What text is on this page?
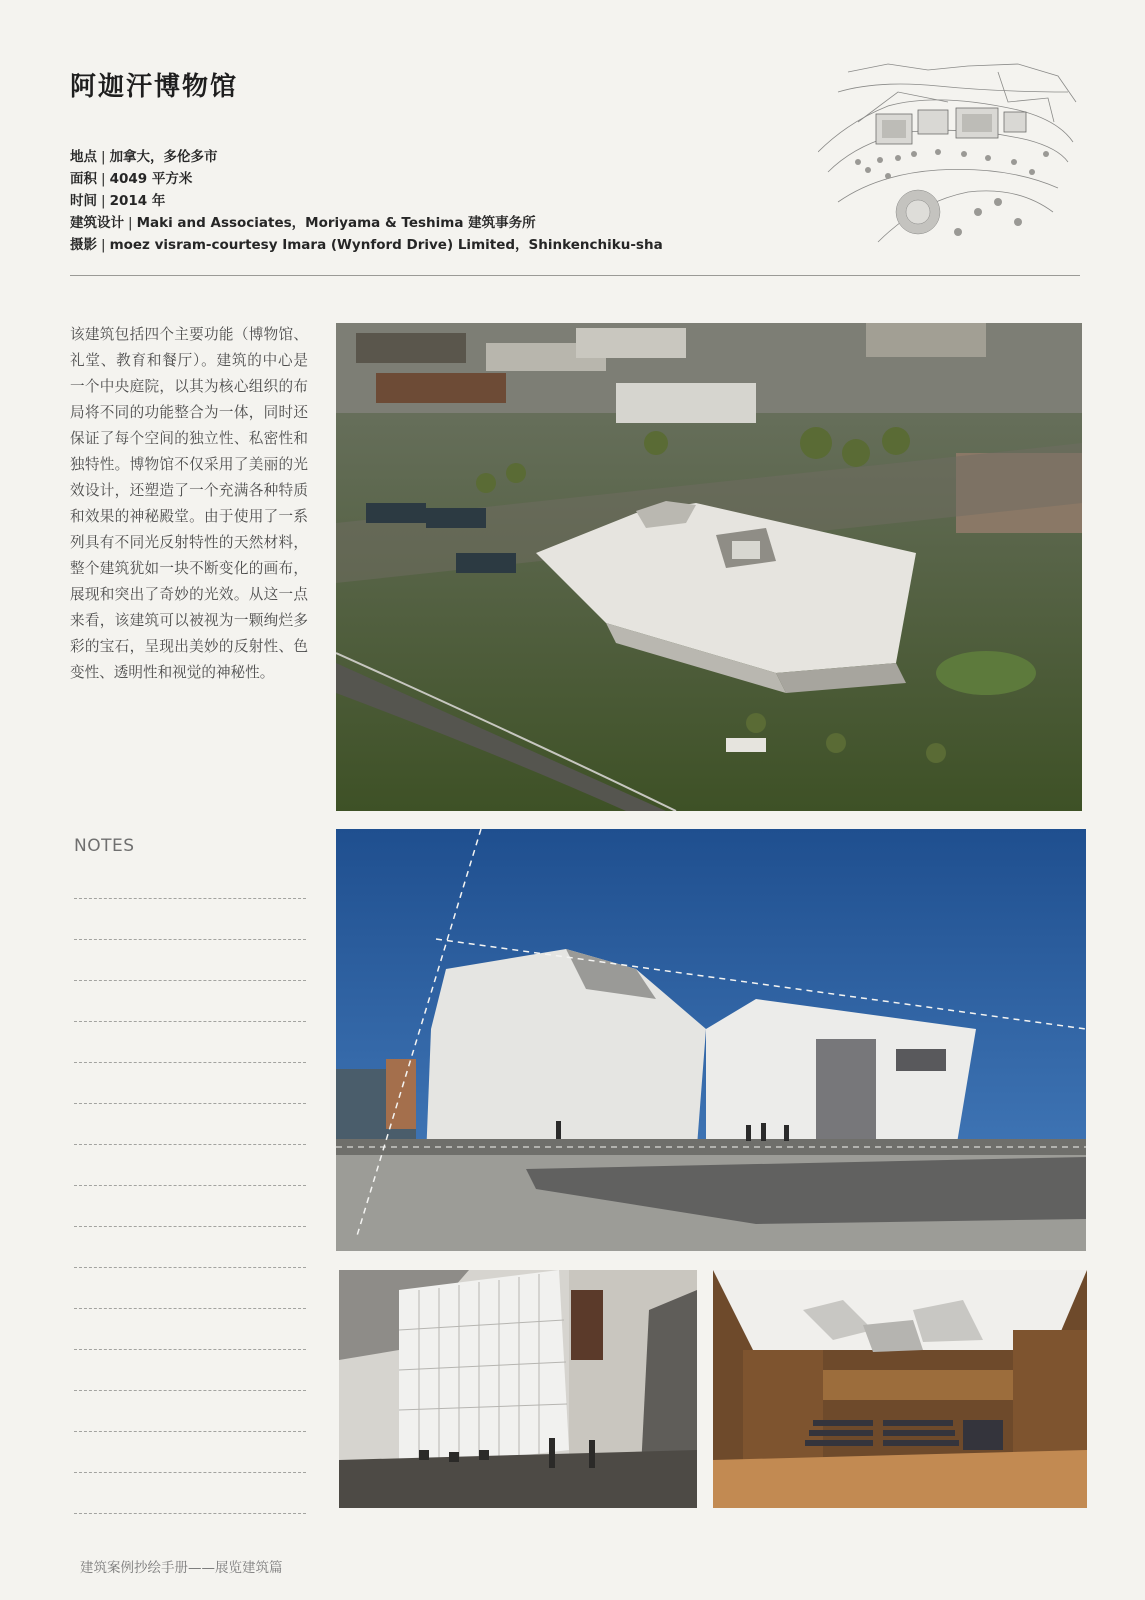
阿迦汗博物馆
地点 | 加拿大，多伦多市
面积 | 4049 平方米
时间 | 2014 年
建筑设计 | Maki and Associates，Moriyama & Teshima 建筑事务所
摄影 | moez visram-courtesy Imara (Wynford Drive) Limited，Shinkenchiku-sha
该建筑包括四个主要功能（博物馆、礼堂、教育和餐厅）。建筑的中心是一个中央庭院，以其为核心组织的布局将不同的功能整合为一体，同时还保证了每个空间的独立性、私密性和独特性。博物馆不仅采用了美丽的光效设计，还塑造了一个充满各种特质和效果的神秘殿堂。由于使用了一系列具有不同光反射特性的天然材料，整个建筑犹如一块不断变化的画布，展现和突出了奇妙的光效。从这一点来看，该建筑可以被视为一颗绚烂多彩的宝石，呈现出美妙的反射性、色变性、透明性和视觉的神秘性。
NOTES
建筑案例抄绘手册——展览建筑篇
